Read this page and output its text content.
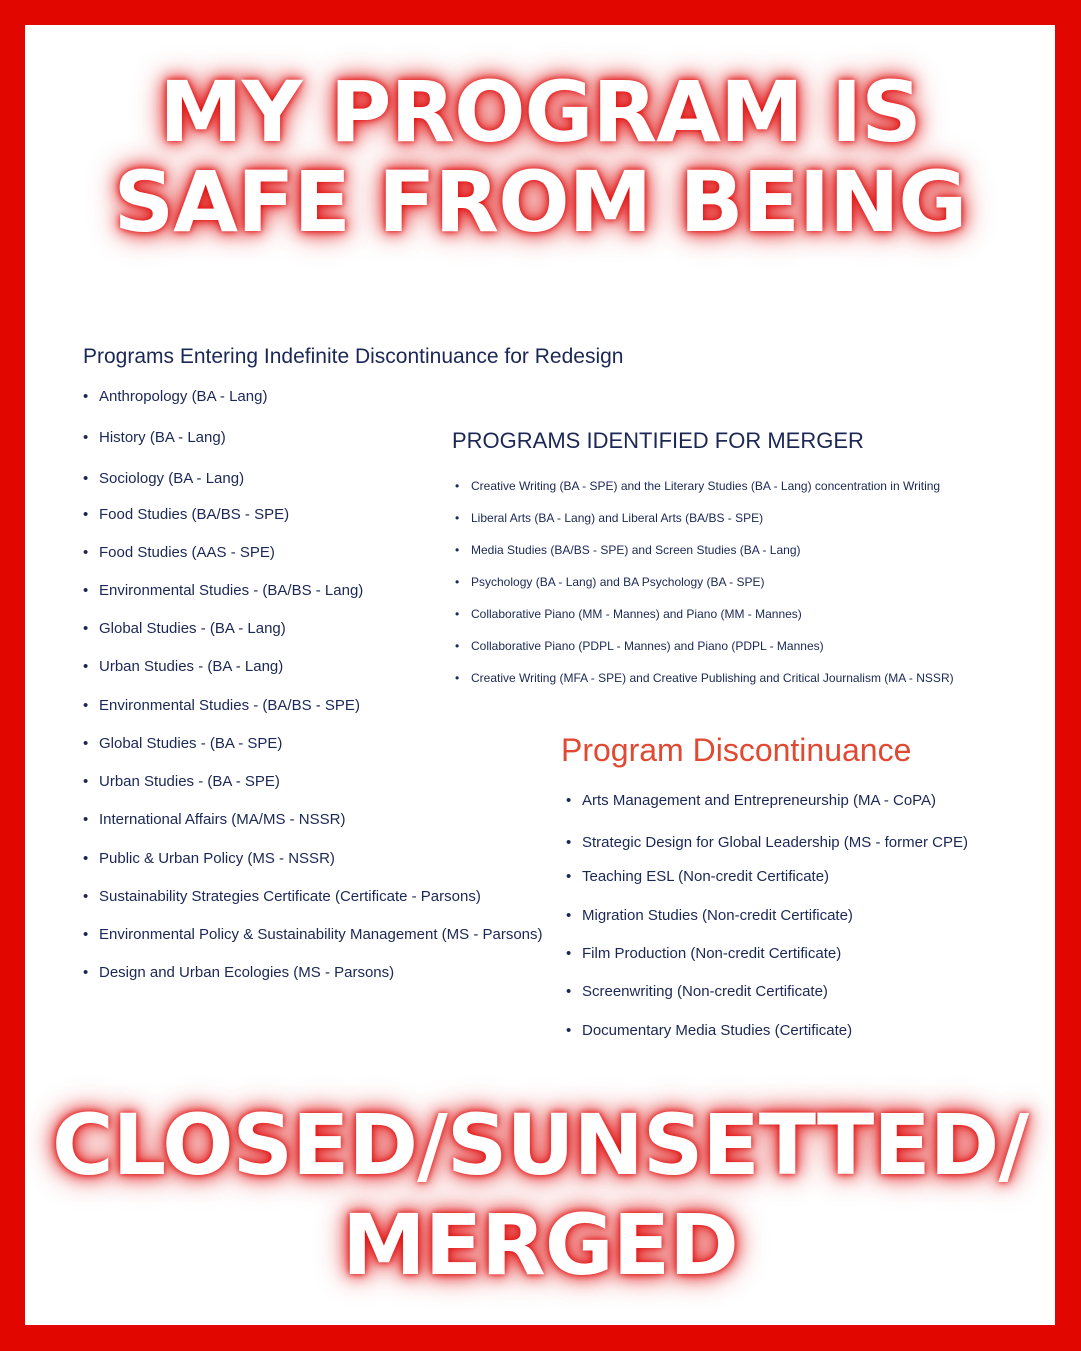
MY PROGRAM IS
SAFE FROM BEING
Programs Entering Indefinite Discontinuance for Redesign
• Anthropology (BA - Lang)
• History (BA - Lang)
• Sociology (BA - Lang)
• Food Studies (BA/BS - SPE)
• Food Studies (AAS - SPE)
• Environmental Studies - (BA/BS - Lang)
• Global Studies - (BA - Lang)
• Urban Studies - (BA - Lang)
• Environmental Studies - (BA/BS - SPE)
• Global Studies - (BA - SPE)
• Urban Studies - (BA - SPE)
• International Affairs (MA/MS - NSSR)
• Public & Urban Policy (MS - NSSR)
• Sustainability Strategies Certificate (Certificate - Parsons)
• Environmental Policy & Sustainability Management (MS - Parsons)
• Design and Urban Ecologies (MS - Parsons)
PROGRAMS IDENTIFIED FOR MERGER
• Creative Writing (BA - SPE) and the Literary Studies (BA - Lang) concentration in Writing
• Liberal Arts (BA - Lang) and Liberal Arts (BA/BS - SPE)
• Media Studies (BA/BS - SPE) and Screen Studies (BA - Lang)
• Psychology (BA - Lang) and BA Psychology (BA - SPE)
• Collaborative Piano (MM - Mannes) and Piano (MM - Mannes)
• Collaborative Piano (PDPL - Mannes) and Piano (PDPL - Mannes)
• Creative Writing (MFA - SPE) and Creative Publishing and Critical Journalism (MA - NSSR)
Program Discontinuance
• Arts Management and Entrepreneurship (MA - CoPA)
• Strategic Design for Global Leadership (MS - former CPE)
• Teaching ESL (Non-credit Certificate)
• Migration Studies (Non-credit Certificate)
• Film Production (Non-credit Certificate)
• Screenwriting (Non-credit Certificate)
• Documentary Media Studies (Certificate)
CLOSED/SUNSETTED/
MERGED
